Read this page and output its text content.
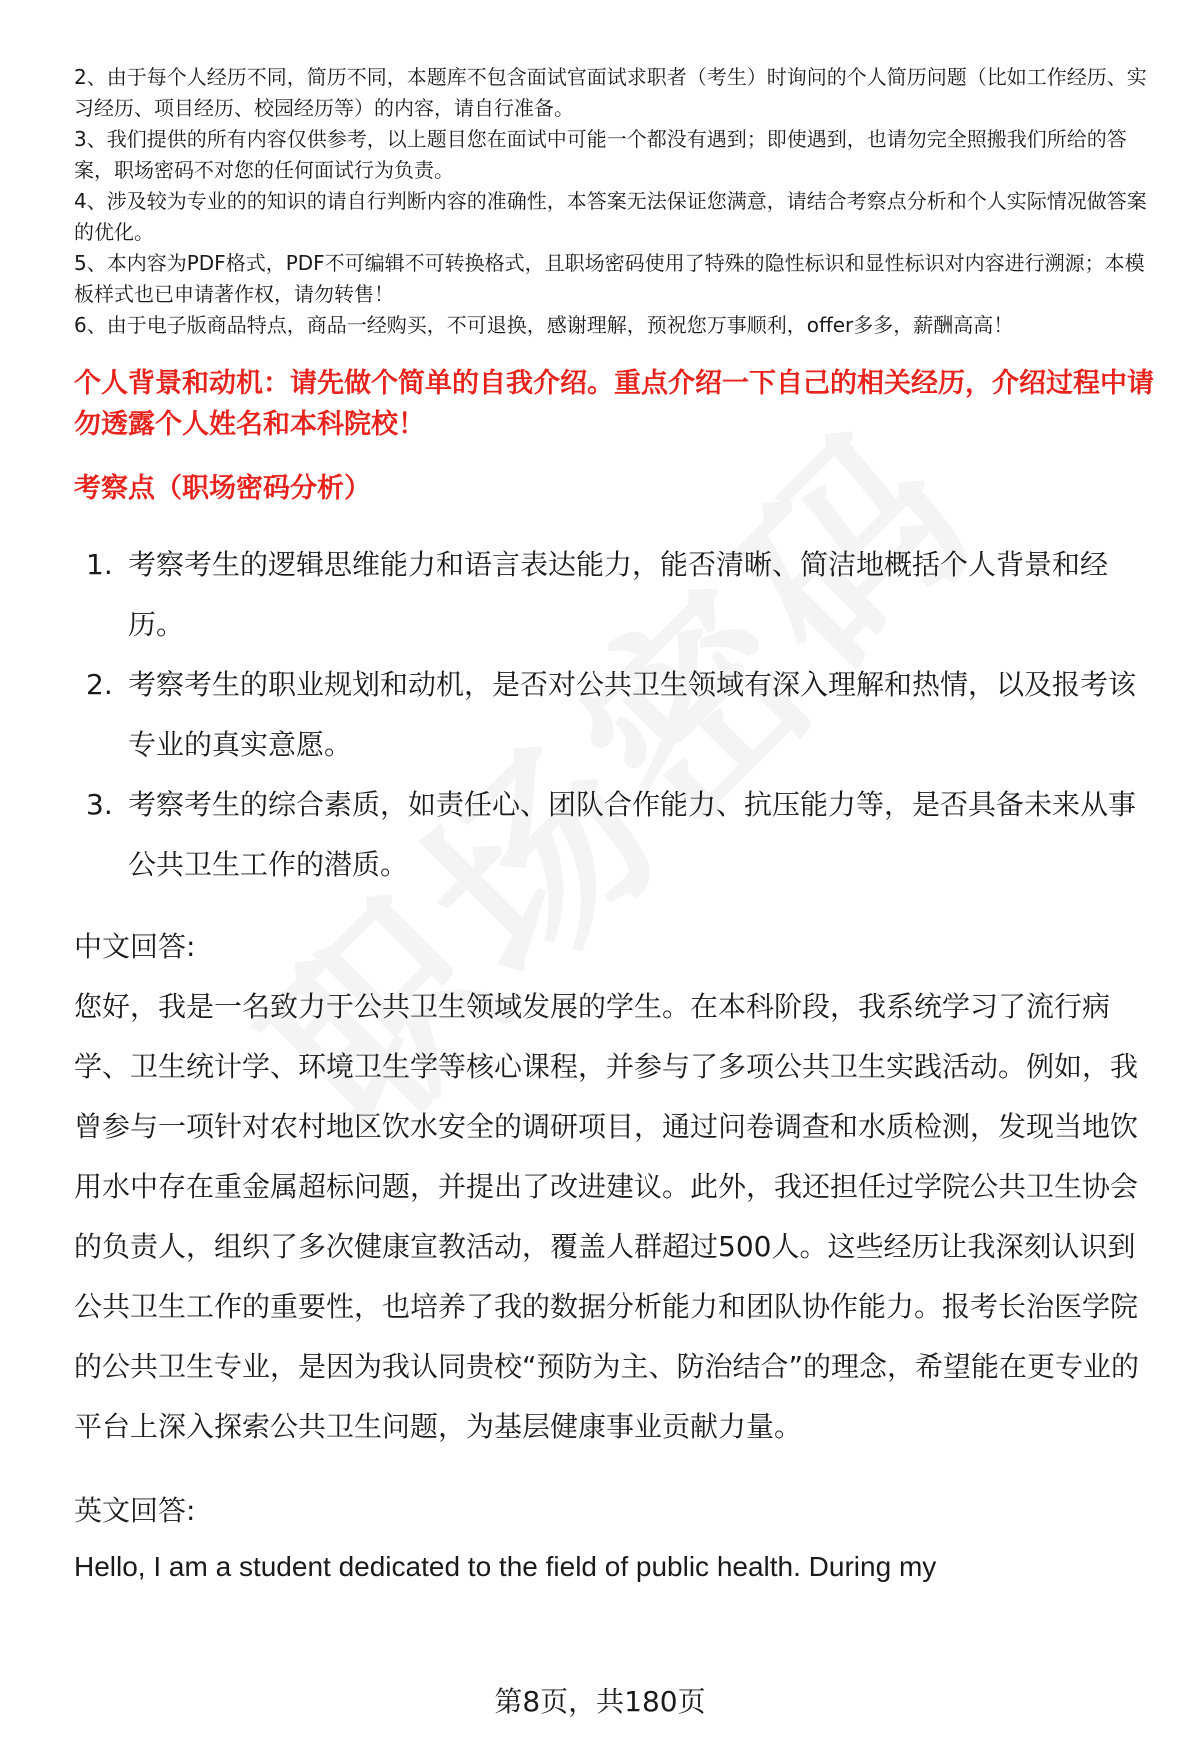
2、由于每个人经历不同，简历不同，本题库不包含面试官面试求职者（考生）时询问的个人简历问题（比如工作经历、实习经历、项目经历、校园经历等）的内容，请自行准备。

3、我们提供的所有内容仅供参考，以上题目您在面试中可能一个都没有遇到；即使遇到，也请勿完全照搬我们所给的答案，职场密码不对您的任何面试行为负责。

4、涉及较为专业的的知识的请自行判断内容的准确性，本答案无法保证您满意，请结合考察点分析和个人实际情况做答案的优化。

5、本内容为PDF格式，PDF不可编辑不可转换格式，且职场密码使用了特殊的隐性标识和显性标识对内容进行溯源；本模板样式也已申请著作权，请勿转售！

6、由于电子版商品特点，商品一经购买，不可退换，感谢理解，预祝您万事顺利，offer多多，薪酬高高！

个人背景和动机：请先做个简单的自我介绍。重点介绍一下自己的相关经历，介绍过程中请勿透露个人姓名和本科院校！
考察点（职场密码分析）
1. 考察考生的逻辑思维能力和语言表达能力，能否清晰、简洁地概括个人背景和经历。
2. 考察考生的职业规划和动机，是否对公共卫生领域有深入理解和热情，以及报考该专业的真实意愿。
3. 考察考生的综合素质，如责任心、团队合作能力、抗压能力等，是否具备未来从事公共卫生工作的潜质。
中文回答:

您好，我是一名致力于公共卫生领域发展的学生。在本科阶段，我系统学习了流行病学、卫生统计学、环境卫生学等核心课程，并参与了多项公共卫生实践活动。例如，我曾参与一项针对农村地区饮水安全的调研项目，通过问卷调查和水质检测，发现当地饮用水中存在重金属超标问题，并提出了改进建议。此外，我还担任过学院公共卫生协会的负责人，组织了多次健康宣教活动，覆盖人群超过500人。这些经历让我深刻认识到公共卫生工作的重要性，也培养了我的数据分析能力和团队协作能力。报考长治医学院的公共卫生专业，是因为我认同贵校“预防为主、防治结合”的理念，希望能在更专业的平台上深入探索公共卫生问题，为基层健康事业贡献力量。

英文回答:

Hello, I am a student dedicated to the field of public health. During my

第8页，共180页
